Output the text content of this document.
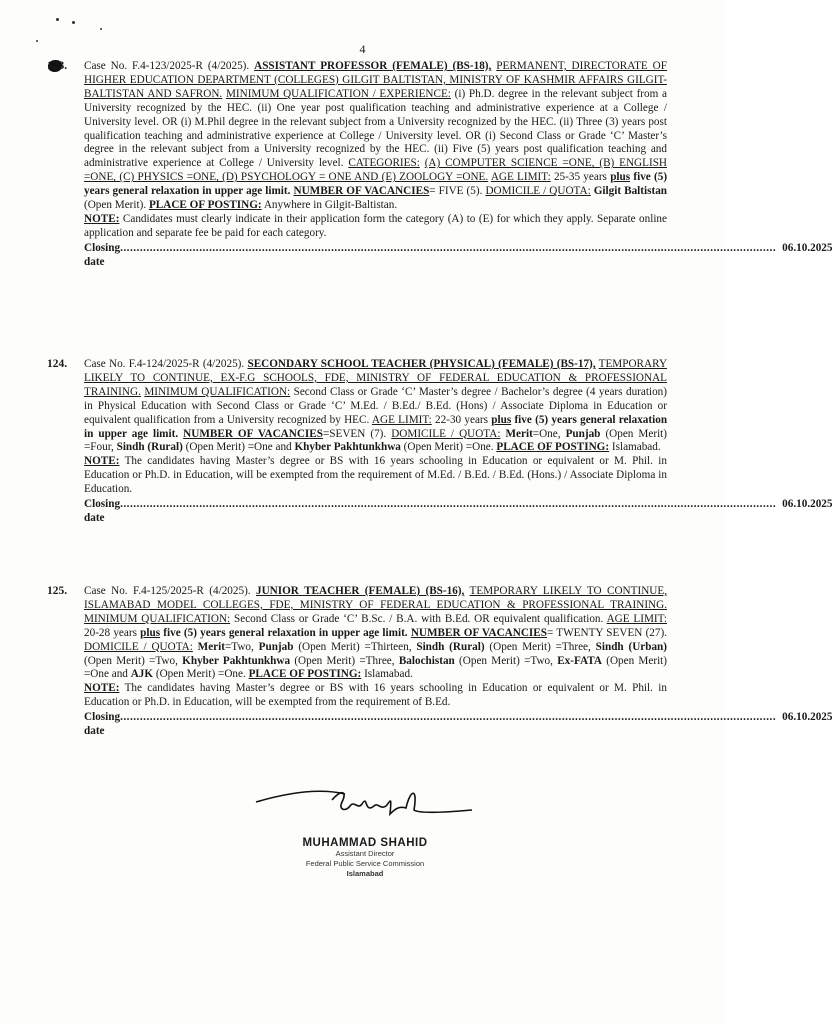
4
123. Case No. F.4-123/2025-R (4/2025). ASSISTANT PROFESSOR (FEMALE) (BS-18), PERMANENT, DIRECTORATE OF HIGHER EDUCATION DEPARTMENT (COLLEGES) GILGIT BALTISTAN, MINISTRY OF KASHMIR AFFAIRS GILGIT-BALTISTAN AND SAFRON. MINIMUM QUALIFICATION / EXPERIENCE: (i) Ph.D. degree in the relevant subject from a University recognized by the HEC. (ii) One year post qualification teaching and administrative experience at a College / University level. OR (i) M.Phil degree in the relevant subject from a University recognized by the HEC. (ii) Three (3) years post qualification teaching and administrative experience at College / University level. OR (i) Second Class or Grade ‘C’ Master’s degree in the relevant subject from a University recognized by the HEC. (ii) Five (5) years post qualification teaching and administrative experience at College / University level. CATEGORIES: (A) COMPUTER SCIENCE =ONE, (B) ENGLISH =ONE, (C) PHYSICS =ONE, (D) PSYCHOLOGY = ONE AND (E) ZOOLOGY =ONE. AGE LIMIT: 25-35 years plus five (5) years general relaxation in upper age limit. NUMBER OF VACANCIES= FIVE (5). DOMICILE / QUOTA: Gilgit Baltistan (Open Merit). PLACE OF POSTING: Anywhere in Gilgit-Baltistan.
NOTE: Candidates must clearly indicate in their application form the category (A) to (E) for which they apply. Separate online application and separate fee be paid for each category.
Closing date
....................................................................................................................................................................................................... 06.10.2025
124. Case No. F.4-124/2025-R (4/2025). SECONDARY SCHOOL TEACHER (PHYSICAL) (FEMALE) (BS-17), TEMPORARY LIKELY TO CONTINUE, EX-F.G SCHOOLS, FDE, MINISTRY OF FEDERAL EDUCATION & PROFESSIONAL TRAINING. MINIMUM QUALIFICATION: Second Class or Grade ‘C’ Master’s degree / Bachelor’s degree (4 years duration) in Physical Education with Second Class or Grade ‘C’ M.Ed. / B.Ed./ B.Ed. (Hons) / Associate Diploma in Education or equivalent qualification from a University recognized by HEC. AGE LIMIT: 22-30 years plus five (5) years general relaxation in upper age limit. NUMBER OF VACANCIES=SEVEN (7). DOMICILE / QUOTA: Merit=One, Punjab (Open Merit) =Four, Sindh (Rural) (Open Merit) =One and Khyber Pakhtunkhwa (Open Merit) =One. PLACE OF POSTING: Islamabad.
NOTE: The candidates having Master’s degree or BS with 16 years schooling in Education or equivalent or M. Phil. in Education or Ph.D. in Education, will be exempted from the requirement of M.Ed. / B.Ed. / B.Ed. (Hons.) / Associate Diploma in Education.
Closing date
....................................................................................................................................................................................................... 06.10.2025
125. Case No. F.4-125/2025-R (4/2025). JUNIOR TEACHER (FEMALE) (BS-16), TEMPORARY LIKELY TO CONTINUE, ISLAMABAD MODEL COLLEGES, FDE, MINISTRY OF FEDERAL EDUCATION & PROFESSIONAL TRAINING. MINIMUM QUALIFICATION: Second Class or Grade ‘C’ B.Sc. / B.A. with B.Ed. OR equivalent qualification. AGE LIMIT: 20-28 years plus five (5) years general relaxation in upper age limit. NUMBER OF VACANCIES= TWENTY SEVEN (27). DOMICILE / QUOTA: Merit=Two, Punjab (Open Merit) =Thirteen, Sindh (Rural) (Open Merit) =Three, Sindh (Urban) (Open Merit) =Two, Khyber Pakhtunkhwa (Open Merit) =Three, Balochistan (Open Merit) =Two, Ex-FATA (Open Merit) =One and AJK (Open Merit) =One. PLACE OF POSTING: Islamabad.
NOTE: The candidates having Master’s degree or BS with 16 years schooling in Education or equivalent or M. Phil. in Education or Ph.D. in Education, will be exempted from the requirement of B.Ed.
Closing date
....................................................................................................................................................................................................... 06.10.2025
MUHAMMAD SHAHID
Assistant Director
Federal Public Service Commission
Islamabad
